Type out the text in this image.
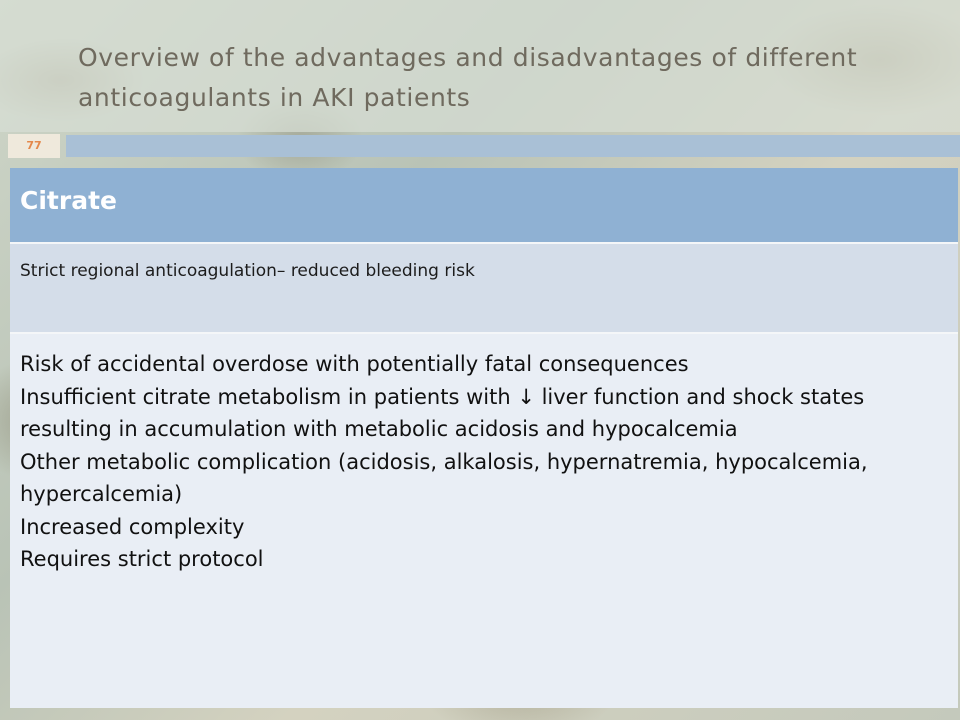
Overview of the advantages and disadvantages of different anticoagulants in AKI patients
77
Citrate
Strict regional anticoagulation– reduced bleeding risk
Risk of accidental overdose with potentially fatal consequences
Insufficient citrate metabolism in patients with ↓ liver function and shock states resulting in accumulation with metabolic acidosis and hypocalcemia
Other metabolic complication (acidosis, alkalosis, hypernatremia, hypocalcemia, hypercalcemia)
Increased complexity
Requires strict protocol
